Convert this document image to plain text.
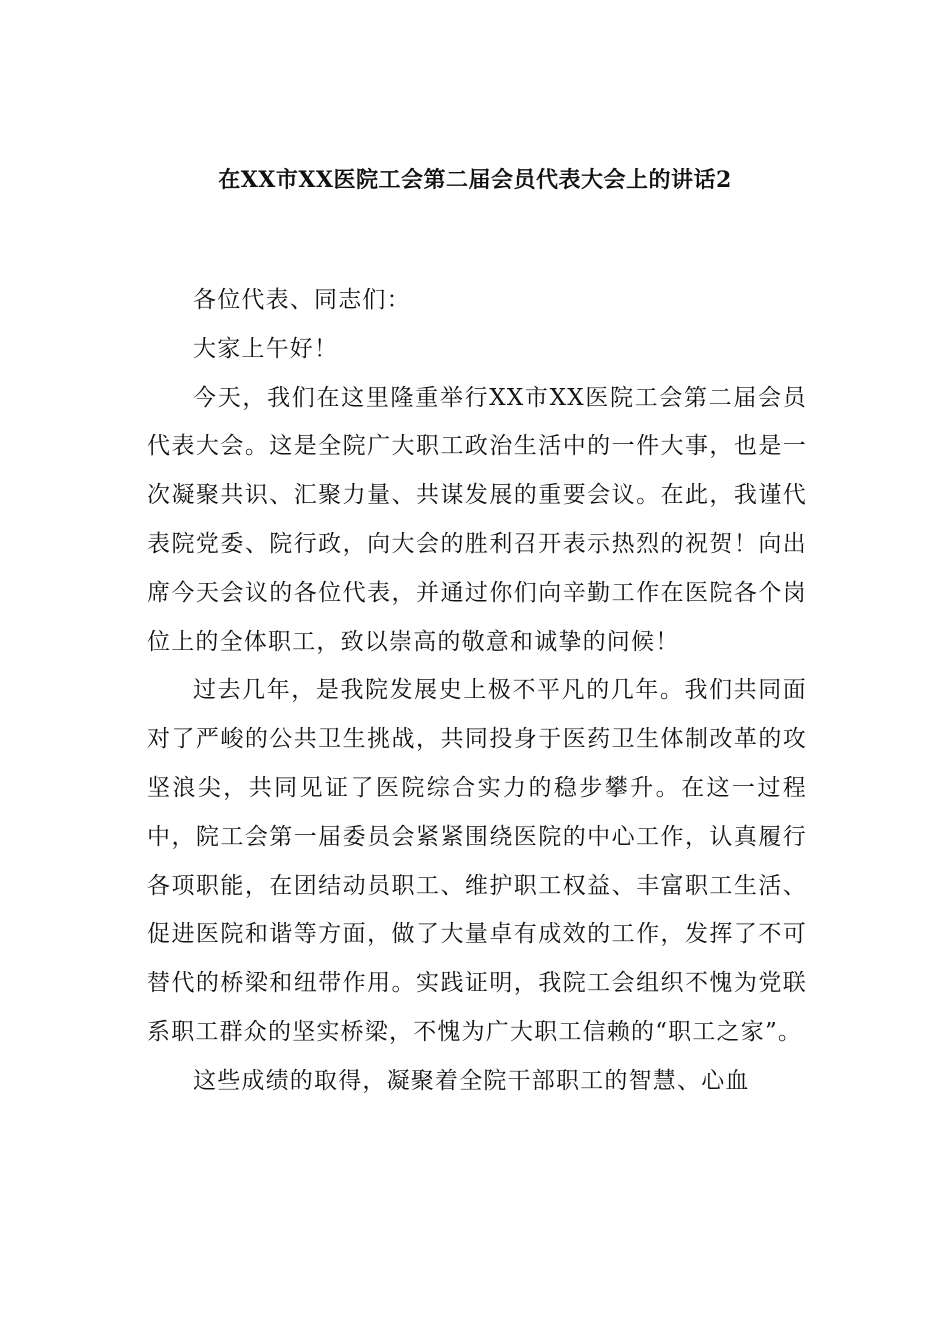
在XX市XX医院工会第二届会员代表大会上的讲话2

各位代表、同志们：

大家上午好！

今天，我们在这里隆重举行XX市XX医院工会第二届会员代表大会。这是全院广大职工政治生活中的一件大事，也是一次凝聚共识、汇聚力量、共谋发展的重要会议。在此，我谨代表院党委、院行政，向大会的胜利召开表示热烈的祝贺！向出席今天会议的各位代表，并通过你们向辛勤工作在医院各个岗位上的全体职工，致以崇高的敬意和诚挚的问候！

过去几年，是我院发展史上极不平凡的几年。我们共同面对了严峻的公共卫生挑战，共同投身于医药卫生体制改革的攻坚浪尖，共同见证了医院综合实力的稳步攀升。在这一过程中，院工会第一届委员会紧紧围绕医院的中心工作，认真履行各项职能，在团结动员职工、维护职工权益、丰富职工生活、促进医院和谐等方面，做了大量卓有成效的工作，发挥了不可替代的桥梁和纽带作用。实践证明，我院工会组织不愧为党联系职工群众的坚实桥梁，不愧为广大职工信赖的“职工之家”。

这些成绩的取得，凝聚着全院干部职工的智慧、心血
